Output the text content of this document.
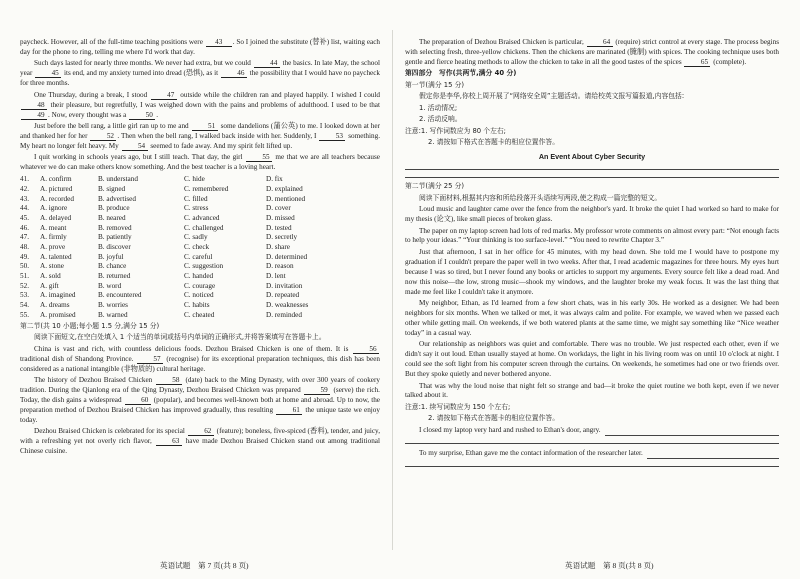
paycheck. However, all of the full-time teaching positions were 43 . So I joined the substitute (替补) list, waiting each day for the phone to ring, telling me where I'd work that day.

Such days lasted for nearly three months. We never had extra, but we could 44 the basics. In late May, the school year 45 its end, and my anxiety turned into dread (恐惧), as it 46 the possibility that I would have no paycheck for three months.

One Thursday, during a break, I stood 47 outside while the children ran and played happily. I wished I could 48 their pleasure, but regretfully, I was weighed down with the pains and problems of adulthood. I used to be that 49 . Now, every thought was a 50 .

Just before the bell rang, a little girl ran up to me and 51 some dandelions (蒲公英) to me. I looked down at her and thanked her for her 52 . Then when the bell rang, I walked back inside with her. Suddenly, I 53 something. My heart no longer felt heavy. My 54 seemed to fade away. And my spirit felt lifted up.

I quit working in schools years ago, but I still teach. That day, the girl 55 me that we are all teachers because whatever we do can make others know something. And the best teacher is a loving heart.

41.	A. confirm	B. understand	C. hide	D. fix
42.	A. pictured	B. signed	C. remembered	D. explained
43.	A. recorded	B. advertised	C. filled	D. mentioned
44.	A. ignore	B. produce	C. stress	D. cover
45.	A. delayed	B. neared	C. advanced	D. missed
46.	A. meant	B. removed	C. challenged	D. tested
47.	A. firmly	B. patiently	C. sadly	D. secretly
48.	A. prove	B. discover	C. check	D. share
49.	A. talented	B. joyful	C. careful	D. determined
50.	A. stone	B. chance	C. suggestion	D. reason
51.	A. sold	B. returned	C. handed	D. lent
52.	A. gift	B. word	C. courage	D. invitation
53.	A. imagined	B. encountered	C. noticed	D. repeated
54.	A. dreams	B. worries	C. habits	D. weaknesses
55.	A. promised	B. warned	C. cheated	D. reminded

第二节(共 10 小题;每小题 1.5 分,满分 15 分)

阅读下面短文,在空白处填入 1 个适当的单词或括号内单词的正确形式,并将答案填写在答题卡上。

China is vast and rich, with countless delicious foods. Dezhou Braised Chicken is one of them. It is 56 traditional dish of Shandong Province. 57 (recognise) for its exceptional preparation techniques, this dish has been considered as a national intangible (非物质的) cultural heritage.

The history of Dezhou Braised Chicken 58 (date) back to the Ming Dynasty, with over 300 years of cookery tradition. During the Qianlong era of the Qing Dynasty, Dezhou Braised Chicken was prepared 59 (serve) the rich. Today, the dish gains a widespread 60 (popular), and becomes well-known both at home and abroad. Up to now, the preparation method of Dezhou Braised Chicken has improved gradually, thus resulting 61 the unique taste we enjoy today.

Dezhou Braised Chicken is celebrated for its special 62 (feature); boneless, five-spiced (香料), tender, and juicy, with a refreshing yet not overly rich flavor, 63 have made Dezhou Braised Chicken stand out among traditional Chinese cuisine.

The preparation of Dezhou Braised Chicken is particular, 64 (require) strict control at every stage. The process begins with selecting fresh, three-yellow chickens. Then the chickens are marinated (腌制) with spices. The cooking technique uses both gentle and fierce heating methods to allow the chicken to take in all the good tastes of the spices 65 (complete).

第四部分　写作(共两节,满分 40 分)

第一节(满分 15 分)

假定你是李华,你校上周开展了“网络安全周”主题活动。请给校英文报写篇报道,内容包括:

1. 活动情况;

2. 活动反响。

注意:1. 写作词数应为 80 个左右;

2. 请按如下格式在答题卡的相应位置作答。

An Event About Cyber Security

第二节(满分 25 分)

阅读下面材料,根据其内容和所给段落开头语续写两段,使之构成一篇完整的短文。

Loud music and laughter came over the fence from the neighbor's yard. It broke the quiet I had worked so hard to make for my thesis (论文), like small pieces of broken glass.

The paper on my laptop screen had lots of red marks. My professor wrote comments on almost every part: “Not enough facts to help your ideas.” “Your thinking is too surface-level.” “You need to rewrite Chapter 3.”

Just that afternoon, I sat in her office for 45 minutes, with my head down. She told me I would have to postpone my graduation if I couldn't prepare the paper well in two weeks. After that, I read academic magazines for three hours. My eyes hurt because I was so tired, but I never found any books or articles to support my arguments. Every source felt like a dead road. And now this noise—the low, strong music—shook my windows, and the laughter broke my weak focus. It was the last thing that made me feel like I couldn't take it anymore.

My neighbor, Ethan, as I'd learned from a few short chats, was in his early 30s. He worked as a designer. We had been neighbors for six months. When we talked or met, it was always calm and polite. For example, we waved when we passed each other while getting mail. On weekends, if we both watered plants at the same time, we might say something like “Nice weather today” in a casual way.

Our relationship as neighbors was quiet and comfortable. There was no trouble. We just respected each other, even if we didn't say it out loud. Ethan usually stayed at home. On workdays, the light in his living room was on until 10 o'clock at night. I could see the soft light from his computer screen through the curtains. On weekends, he sometimes had one or two friends over. But they spoke quietly and never bothered anyone.

That was why the loud noise that night felt so strange and bad—it broke the quiet routine we both kept, even if we never talked about it.

注意:1. 续写词数应为 150 个左右;

2. 请按如下格式在答题卡的相应位置作答。

I closed my laptop very hard and rushed to Ethan's door, angry.
To my surprise, Ethan gave me the contact information of the researcher later.
英语试题　第 7 页(共 8 页)	英语试题　第 8 页(共 8 页)
